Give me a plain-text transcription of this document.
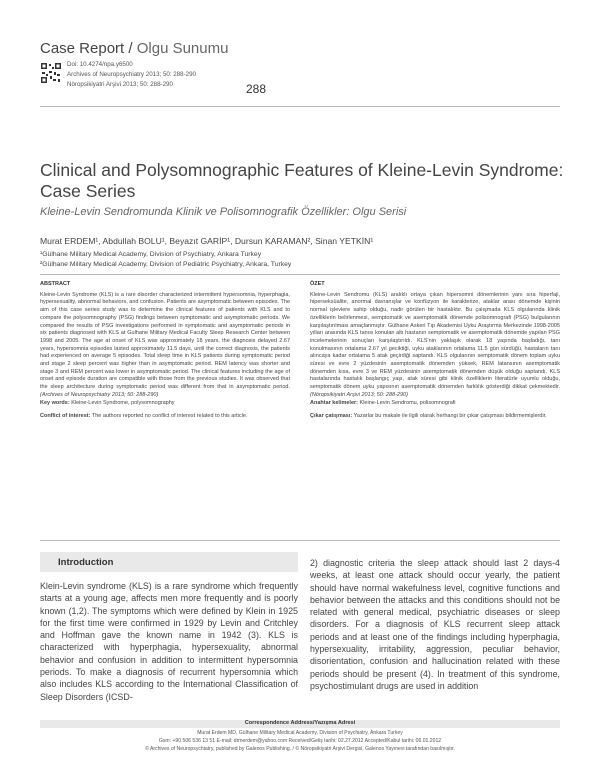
Case Report / Olgu Sunumu
Doi: 10.4274/npa.y6500
Archives of Neuropsychiatry 2013; 50: 288-290
Nöropsikiyatri Arşivi 2013; 50: 288-290	288
Clinical and Polysomnographic Features of Kleine-Levin Syndrome: Case Series
Kleine-Levin Sendromunda Klinik ve Polisomnografik Özellikler: Olgu Serisi
Murat ERDEM¹, Abdullah BOLU¹, Beyazıt GARİP¹, Dursun KARAMAN², Sinan YETKİN¹
¹Gülhane Military Medical Academy, Division of Psychiatry, Ankara Turkey
²Gülhane Military Medical Academy, Division of Pediatric Psychiatry, Ankara, Turkey
ABSTRACT
Kleine-Levin Syndrome (KLS) is a rare disorder characterized intermittent hypersomnia, hyperphagia, hypersexuality, abnormal behaviors, and confusion. Patients are asymptomatic between episodes. The aim of this case series study was to determine the clinical features of patients with KLS and to compare the polysomnography (PSG) findings between symptomatic and asymptomatic periods. We compared the results of PSG investigations performed in symptomatic and asymptomatic periods in six patients diagnosed with KLS at Gulhane Military Medical Faculty Sleep Research Center between 1998 and 2005. The age at onset of KLS was approximately 18 years, the diagnosis delayed 2.67 years, hypersomnia episodes lasted approximately 11.5 days, until the correct diagnosis, the patients had experienced on average 5 episodes. Total sleep time in KLS patients during symptomatic period and stage 2 sleep percent was higher than in asymptomatic period. REM latency was shorter and stage 3 and REM percent was lower in asymptomatic period. The clinical features including the age of onset and episode duration are compatible with those from the previous studies. It was observed that the sleep architecture during symptomatic period was different from that in asymptomatic period. (Archives of Neuropsychiatry 2013; 50: 288-290)
Key words: Kleine-Levin Syndrome, polysomnography
Conflict of interest: The authors reported no conflict of interest related to this article.
ÖZET
Kleine-Levin Sendromu (KLS) aralıklı ortaya çıkan hipersomni dönemlerinin yanı sıra hiperfaji, hiperseksüalite, anormal davranışlar ve konfüzyon ile karakterize, ataklar arası dönemde kişinin normal işlevlere sahip olduğu, nadir görülen bir hastalıktır. Bu çalışmada KLS olgularında klinik özelliklerin belirlenmesi, semptomatik ve asemptomatik dönemde polisomnografi (PSG) bulgularının karşılaştırılması amaçlanmıştır. Gülhane Askeri Tıp Akademisi Uyku Araştırma Merkezinde 1998-2005 yılları arasında KLS tanısı konulan altı hastanın semptomatik ve asemptomatik dönemde yapılan PSG incelemelerinin sonuçları karşılaştırıldı. KLS'nin yaklaşık olarak 18 yaşında başladığı, tanı konulmasının ortalama 2.67 yıl geciktiği, uyku ataklarının ortalama 11.5 gün sürdüğü, hastaların tanı alıncaya kadar ortalama 5 atak geçirdiği saptandı. KLS olgularının semptomatik dönem toplam uyku süresi ve evre 2 yüzdesinin asemptomatik dönemden yüksek, REM latansının asemptomatik dönemden kısa, evre 3 ve REM yüzdesinin asemptomatik dönemden düşük olduğu saptandı. KLS hastalarında hastalık başlangıç yaşı, atak süresi gibi klinik özelliklerin literatürle uyumlu olduğu, semptomatik dönem uyku yapısının asemptomatik dönemden farklılık gösterdiği dikkat çekmektedir. (Nöropsikiyatri Arşivi 2013; 50: 288-290)
Anahtar kelimeler: Kleine-Levin Sendromu, polisomnografi
Çıkar çatışması: Yazarlar bu makale ile ilgili olarak herhangi bir çıkar çatışması bildirmemişlerdir.
Introduction
Klein-Levin syndrome (KLS) is a rare syndrome which frequently starts at a young age, affects men more frequently and is poorly known (1,2). The symptoms which were defined by Klein in 1925 for the first time were confirmed in 1929 by Levin and Critchley and Hoffman gave the known name in 1942 (3). KLS is characterized with hyperphagia, hypersexuality, abnormal behavior and confusion in addition to intermittent hypersomnia periods. To make a diagnosis of recurrent hypersomnia which also includes KLS according to the International Classification of Sleep Disorders (ICSD-
2) diagnostic criteria the sleep attack should last 2 days-4 weeks, at least one attack should occur yearly, the patient should have normal wakefulness level, cognitive functions and behavior between the attacks and this conditions should not be related with general medical, psychiatric diseases or sleep disorders. For a diagnosis of KLS recurrent sleep attack periods and at least one of the findings including hyperphagia, hypersexuality, irritability, aggression, peculiar behavior, disorientation, confusion and hallucination related with these periods should be present (4). In treatment of this syndrome, psychostimulant drugs are used in addition
Correspondence Address/Yazışma Adresi
Murat Erdem MD, Gülhane Military Medical Academy, Division of Psychiatry, Ankara Turkey
Gsm: +90 506 536 13 51 E-mail: drmerdem@yahoo.com Received/Geliş tarihi: 02.27.2012 Accepted/Kabul tarihi: 06.01.2012
© Archives of Neuropsychiatry, published by Galenos Publishing. / © Nöropsikiyatri Arşivi Dergisi, Galenos Yayınevi tarafından basılmıştır.
